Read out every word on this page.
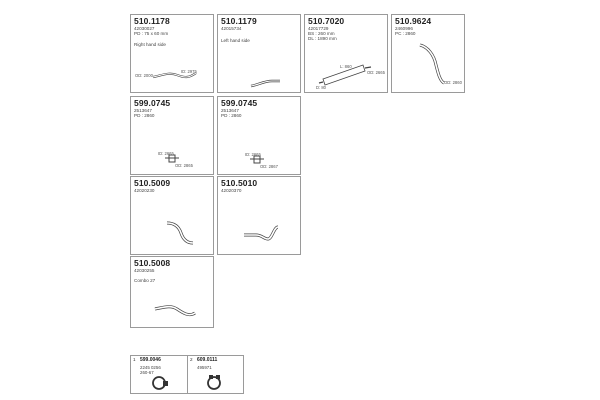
510.1178
42030027
PD : 75 x 60 mm
Right hand side
OD: 2000
ID: 2975
510.1179
42015734
Left hand side
510.7020
42017729
BS : 260 mm
DL : 1890 mm
L: 860
OD: 2665
D: 80
510.9624
2460996
PC : 2860
OD: 2860
599.0745
2513647
PD : 2860
ID: 2665
OD: 2865
599.0745
2513647
PD : 2860
ID: 2665
OD: 2867
510.5009
42020230
510.5010
42020370
510.5008
42030255
Combo 27
1 599.0046
2245 0256
260-67
2 609.0111
495971
